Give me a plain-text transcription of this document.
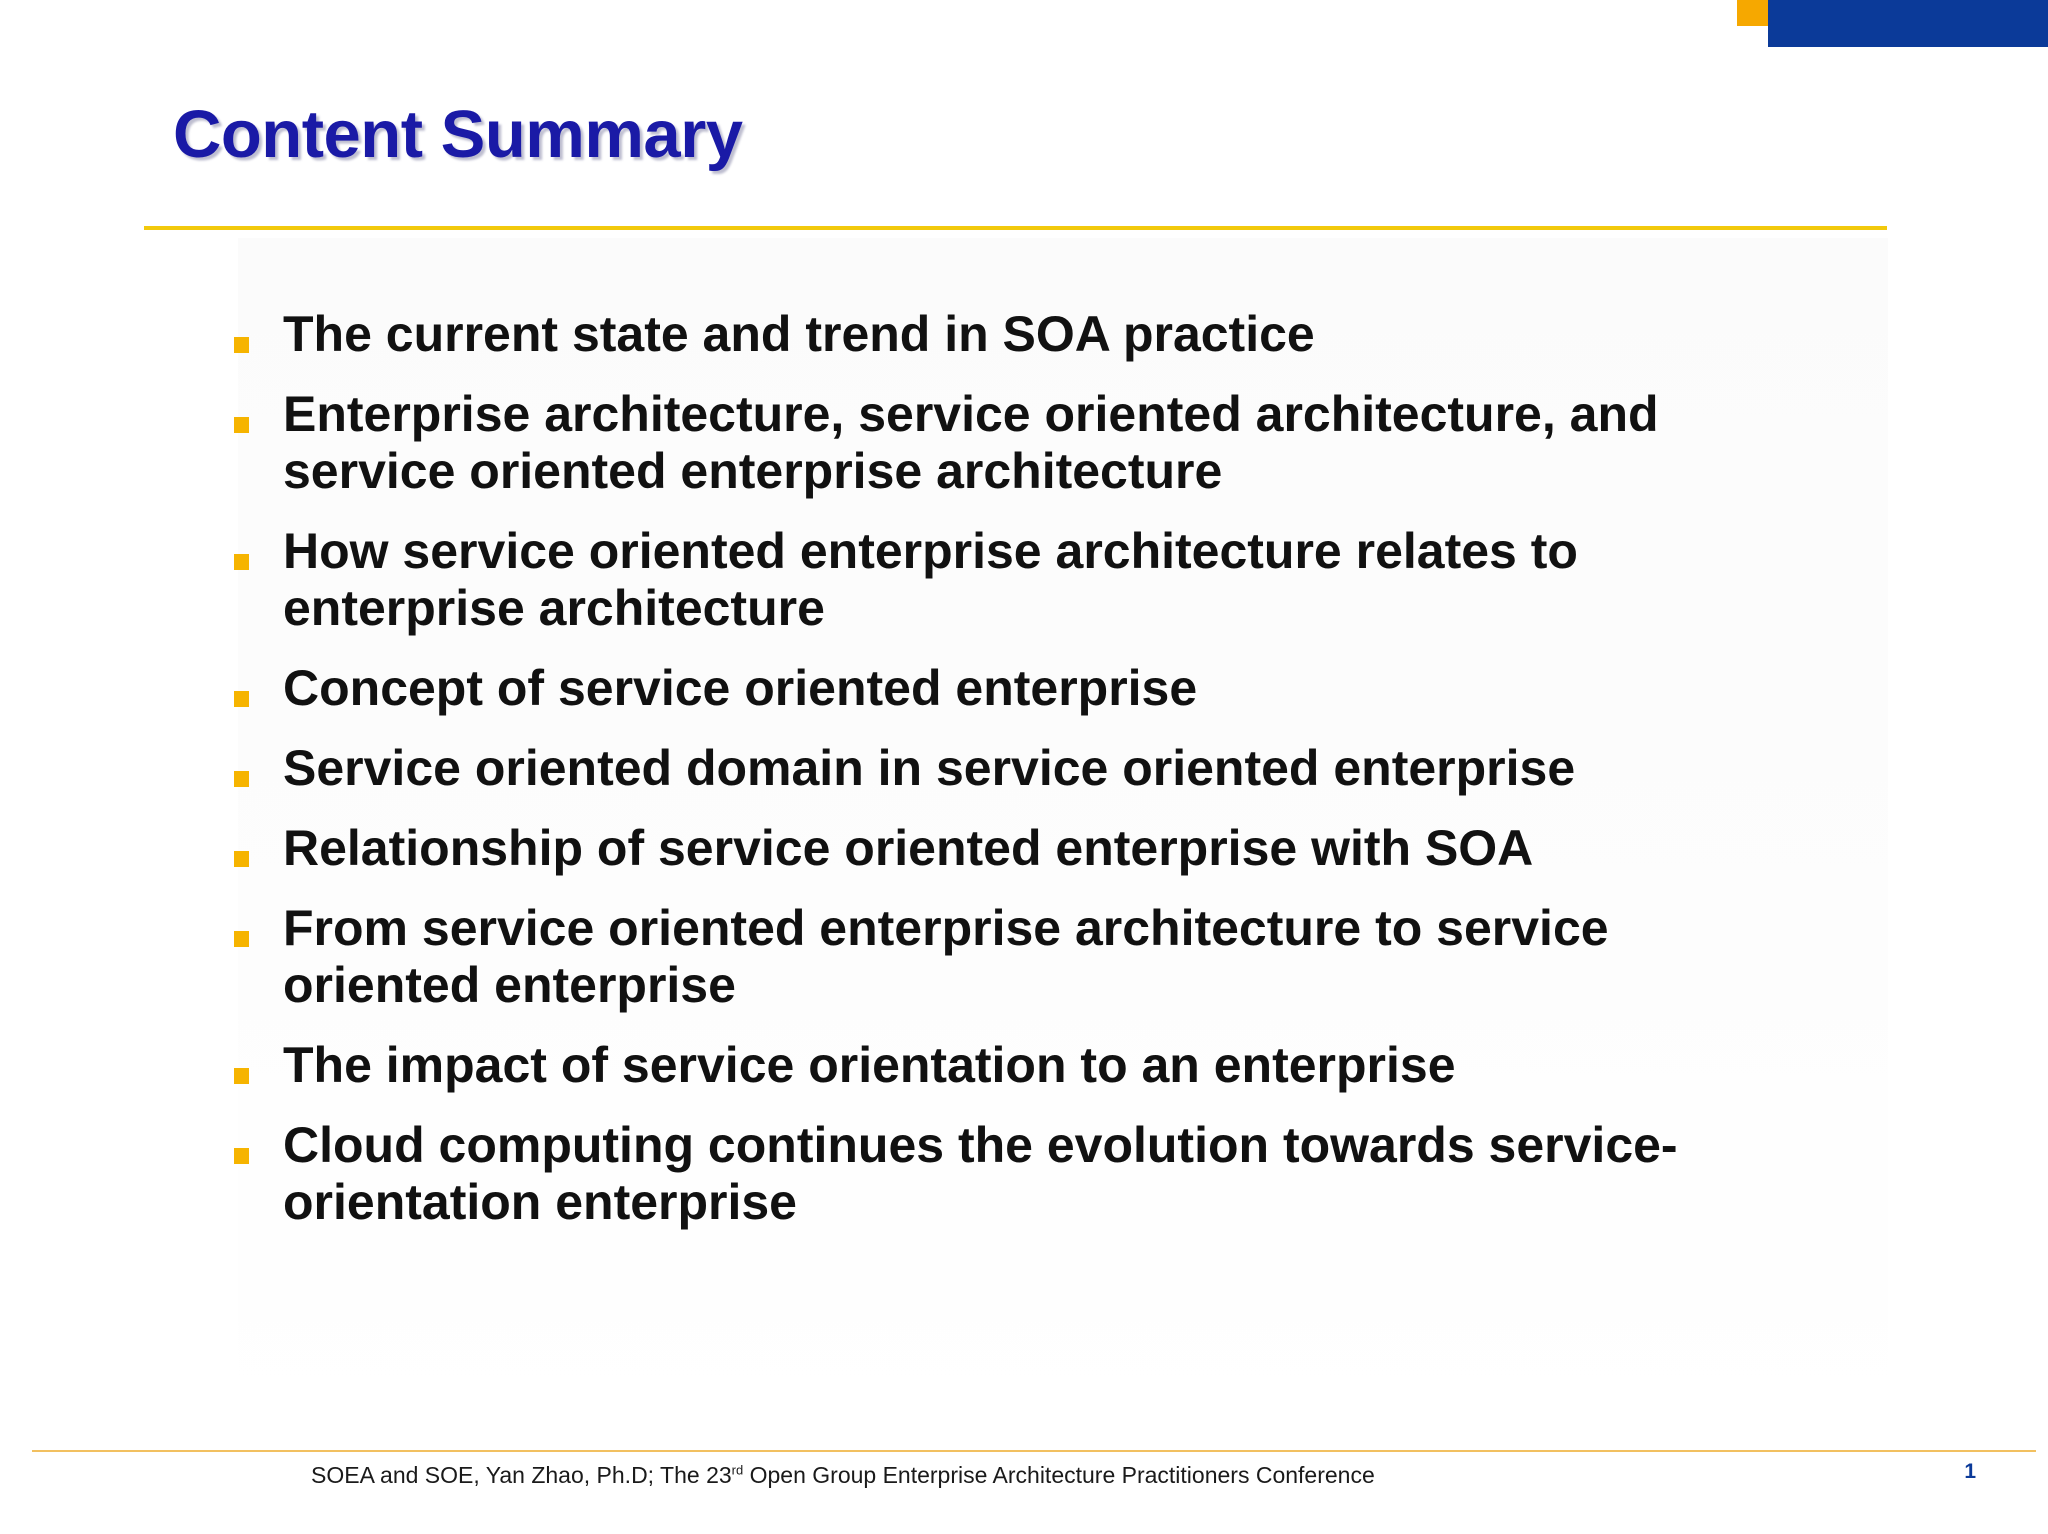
Content Summary
The current state and trend in SOA practice
Enterprise architecture, service oriented architecture, and service oriented enterprise architecture
How service oriented enterprise architecture relates to enterprise architecture
Concept of service oriented enterprise
Service oriented domain in service oriented enterprise
Relationship of service oriented enterprise with SOA
From service oriented enterprise architecture to service oriented enterprise
The impact of service orientation to an enterprise
Cloud computing continues the evolution towards service-orientation enterprise
SOEA and SOE, Yan Zhao, Ph.D; The 23rd Open Group Enterprise Architecture Practitioners Conference	1
